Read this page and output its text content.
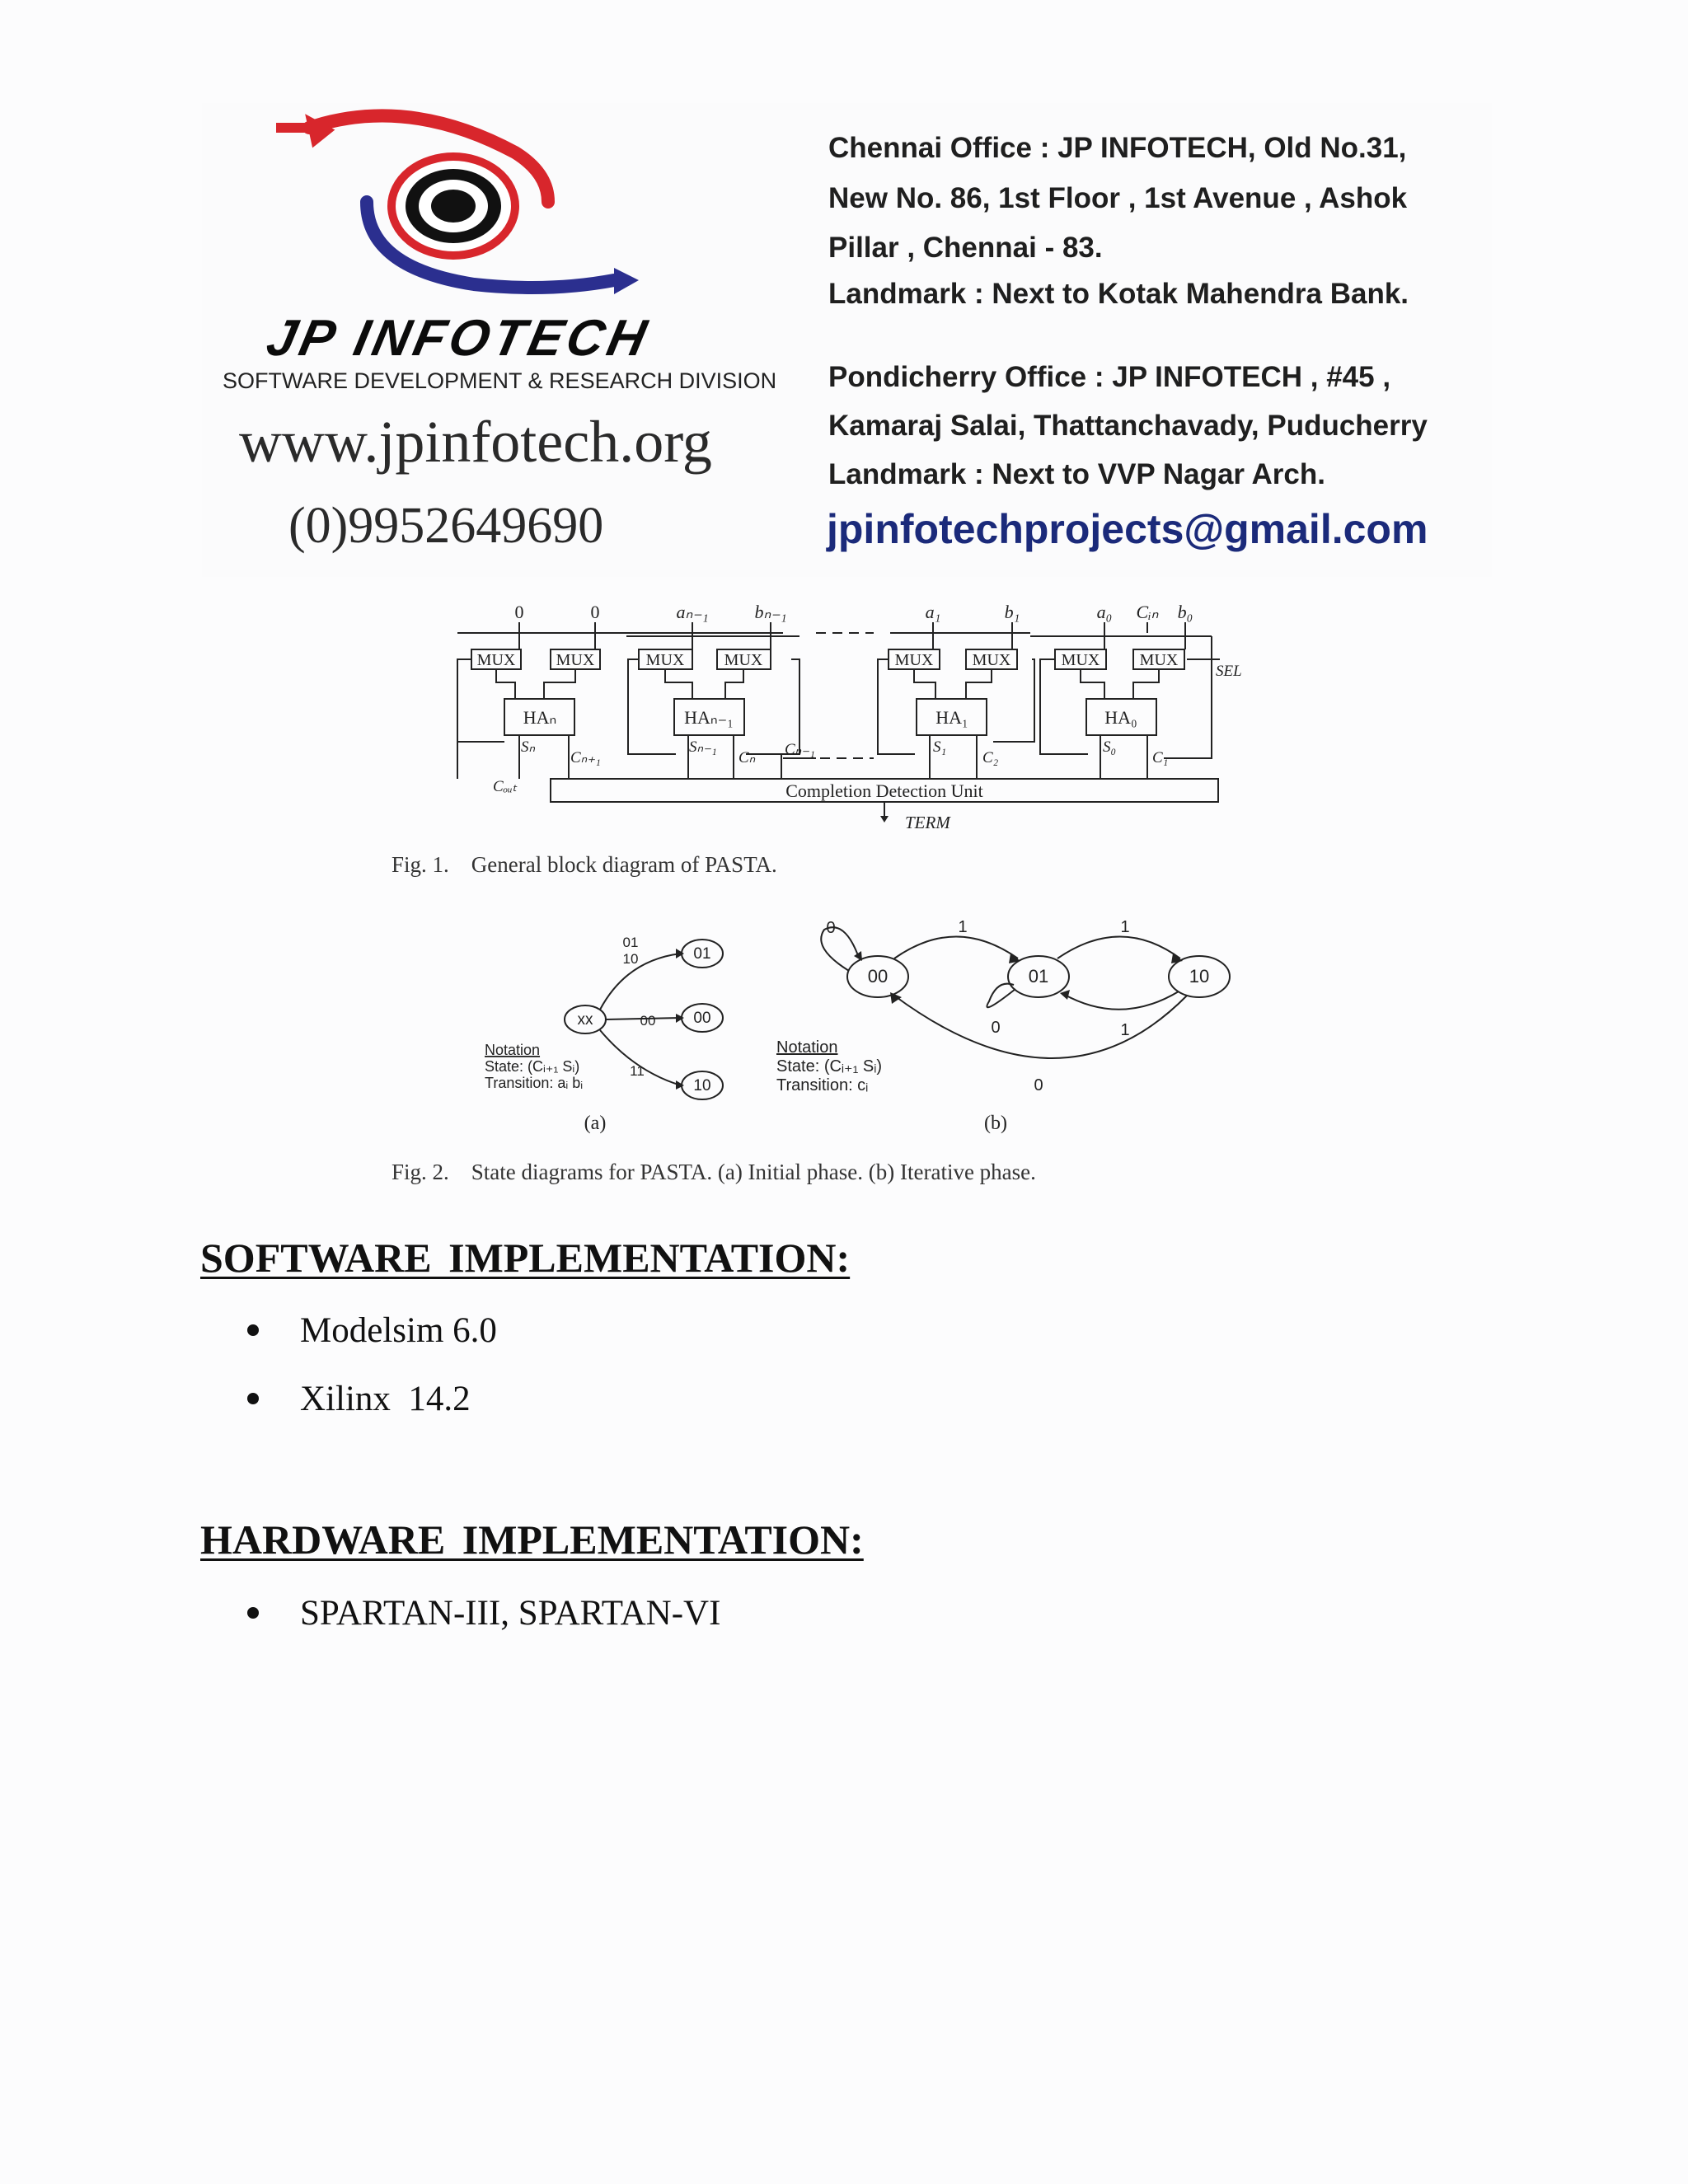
JP INFOTECH
SOFTWARE DEVELOPMENT & RESEARCH DIVISION
www.jpinfotech.org
(0)9952649690
Chennai Office : JP INFOTECH, Old No.31,
New No. 86, 1st Floor , 1st Avenue , Ashok
Pillar , Chennai - 83.
Landmark : Next to Kotak Mahendra Bank.
Pondicherry Office : JP INFOTECH , #45 ,
Kamaraj Salai, Thattanchavady, Puducherry
Landmark : Next to VVP Nagar Arch.
jpinfotechprojects@gmail.com
0	0	aₙ₋₁	bₙ₋₁	a₁	b₁	a₀ Cᵢₙ b₀
MUX MUX	MUX MUX	MUX MUX	MUX MUX
HAₙ	HAₙ₋₁	HA₁	HA₀
Sₙ	Sₙ₋₁	S₁	S₀
Cₙ₊₁	Cₙ Cₙ₋₁	C₂	C₁
Cₒᵤₜ
SEL
Completion Detection Unit
TERM
Fig. 1.    General block diagram of PASTA.
xx
01
00
10
01
10
00
11
Notation
State: (Cᵢ₊₁ Sᵢ)
Transition: aᵢ bᵢ
(a)
00	01	10
0	1	1
0	1
0
Notation
State: (Cᵢ₊₁ Sᵢ)
Transition: cᵢ
(b)
Fig. 2.    State diagrams for PASTA. (a) Initial phase. (b) Iterative phase.
SOFTWARE IMPLEMENTATION:
Modelsim 6.0
Xilinx  14.2
HARDWARE IMPLEMENTATION:
SPARTAN-III, SPARTAN-VI
